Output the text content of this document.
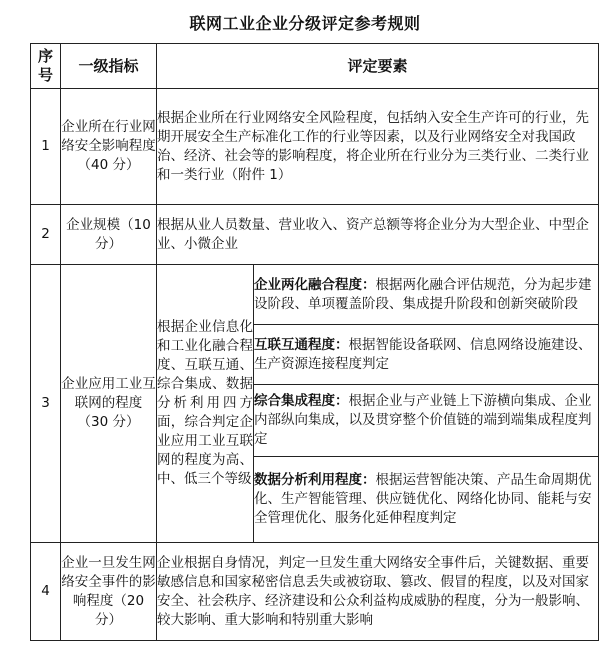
联网工业企业分级评定参考规则
序号	一级指标	评定要素	
1	企业所在行业网络安全影响程度（40 分）	根据企业所在行业网络安全风险程度，包括纳入安全生产许可的行业，先期开展安全生产标准化工作的行业等因素，以及行业网络安全对我国政治、经济、社会等的影响程度，将企业所在行业分为三类行业、二类行业和一类行业（附件 1）	
2	企业规模（10 分）	根据从业人员数量、营业收入、资产总额等将企业分为大型企业、中型企业、小微企业	
3	企业应用工业互联网的程度（30 分）	根据企业信息化和工业化融合程度、互联互通、综合集成、数据分析利用四方面，综合判定企业应用工业互联网的程度为高、中、低三个等级	企业两化融合程度：根据两化融合评估规范，分为起步建设阶段、单项覆盖阶段、集成提升阶段和创新突破阶段
			互联互通程度：根据智能设备联网、信息网络设施建设、生产资源连接程度判定
			综合集成程度：根据企业与产业链上下游横向集成、企业内部纵向集成，以及贯穿整个价值链的端到端集成程度判定
			数据分析利用程度：根据运营智能决策、产品生命周期优化、生产智能管理、供应链优化、网络化协同、能耗与安全管理优化、服务化延伸程度判定
4	企业一旦发生网络安全事件的影响程度（20 分）	企业根据自身情况，判定一旦发生重大网络安全事件后，关键数据、重要敏感信息和国家秘密信息丢失或被窃取、篡改、假冒的程度，以及对国家安全、社会秩序、经济建设和公众利益构成威胁的程度，分为一般影响、较大影响、重大影响和特别重大影响	
